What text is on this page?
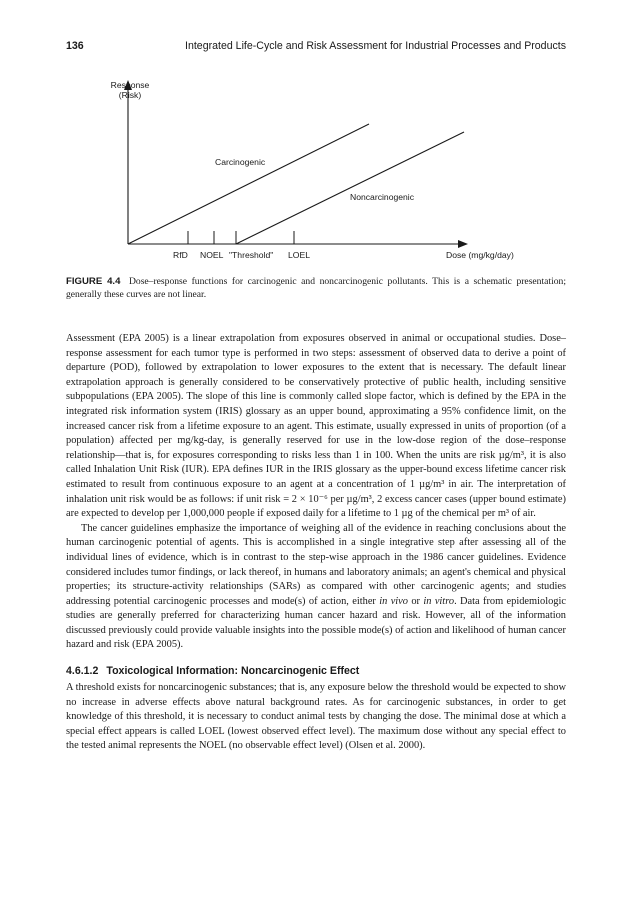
136	Integrated Life-Cycle and Risk Assessment for Industrial Processes and Products
Response
(Risk)
Carcinogenic
Noncarcinogenic
RfD NOEL "Threshold" LOEL	Dose (mg/kg/day)
FIGURE 4.4 Dose–response functions for carcinogenic and noncarcinogenic pollutants. This is a schematic presentation; generally these curves are not linear.

Assessment (EPA 2005) is a linear extrapolation from exposures observed in animal or occupational studies. Dose–response assessment for each tumor type is performed in two steps: assessment of observed data to derive a point of departure (POD), followed by extrapolation to lower exposures to the extent that is necessary. The default linear extrapolation approach is generally considered to be conservatively protective of public health, including sensitive subpopulations (EPA 2005). The slope of this line is commonly called slope factor, which is defined by the EPA in the integrated risk information system (IRIS) glossary as an upper bound, approximating a 95% confidence limit, on the increased cancer risk from a lifetime exposure to an agent. This estimate, usually expressed in units of proportion (of a population) affected per mg/kg-day, is generally reserved for use in the low-dose region of the dose–response relationship—that is, for exposures corresponding to risks less than 1 in 100. When the units are risk µg/m³, it is also called Inhalation Unit Risk (IUR). EPA defines IUR in the IRIS glossary as the upper-bound excess lifetime cancer risk estimated to result from continuous exposure to an agent at a concentration of 1 µg/m³ in air. The interpretation of inhalation unit risk would be as follows: if unit risk = 2 × 10⁻⁶ per µg/m³, 2 excess cancer cases (upper bound estimate) are expected to develop per 1,000,000 people if exposed daily for a lifetime to 1 µg of the chemical per m³ of air.

The cancer guidelines emphasize the importance of weighing all of the evidence in reaching conclusions about the human carcinogenic potential of agents. This is accomplished in a single integrative step after assessing all of the individual lines of evidence, which is in contrast to the step-wise approach in the 1986 cancer guidelines. Evidence considered includes tumor findings, or lack thereof, in humans and laboratory animals; an agent's chemical and physical properties; its structure-activity relationships (SARs) as compared with other carcinogenic agents; and studies addressing potential carcinogenic processes and mode(s) of action, either in vivo or in vitro. Data from epidemiologic studies are generally preferred for characterizing human cancer hazard and risk. However, all of the information discussed previously could provide valuable insights into the possible mode(s) of action and likelihood of human cancer hazard and risk (EPA 2005).

4.6.1.2 Toxicological Information: Noncarcinogenic Effect

A threshold exists for noncarcinogenic substances; that is, any exposure below the threshold would be expected to show no increase in adverse effects above natural background rates. As for carcinogenic substances, in order to get knowledge of this threshold, it is necessary to conduct animal tests by changing the dose. The minimal dose at which a special effect appears is called LOEL (lowest observed effect level). The maximum dose without any special effect to the tested animal represents the NOEL (no observable effect level) (Olsen et al. 2000).
